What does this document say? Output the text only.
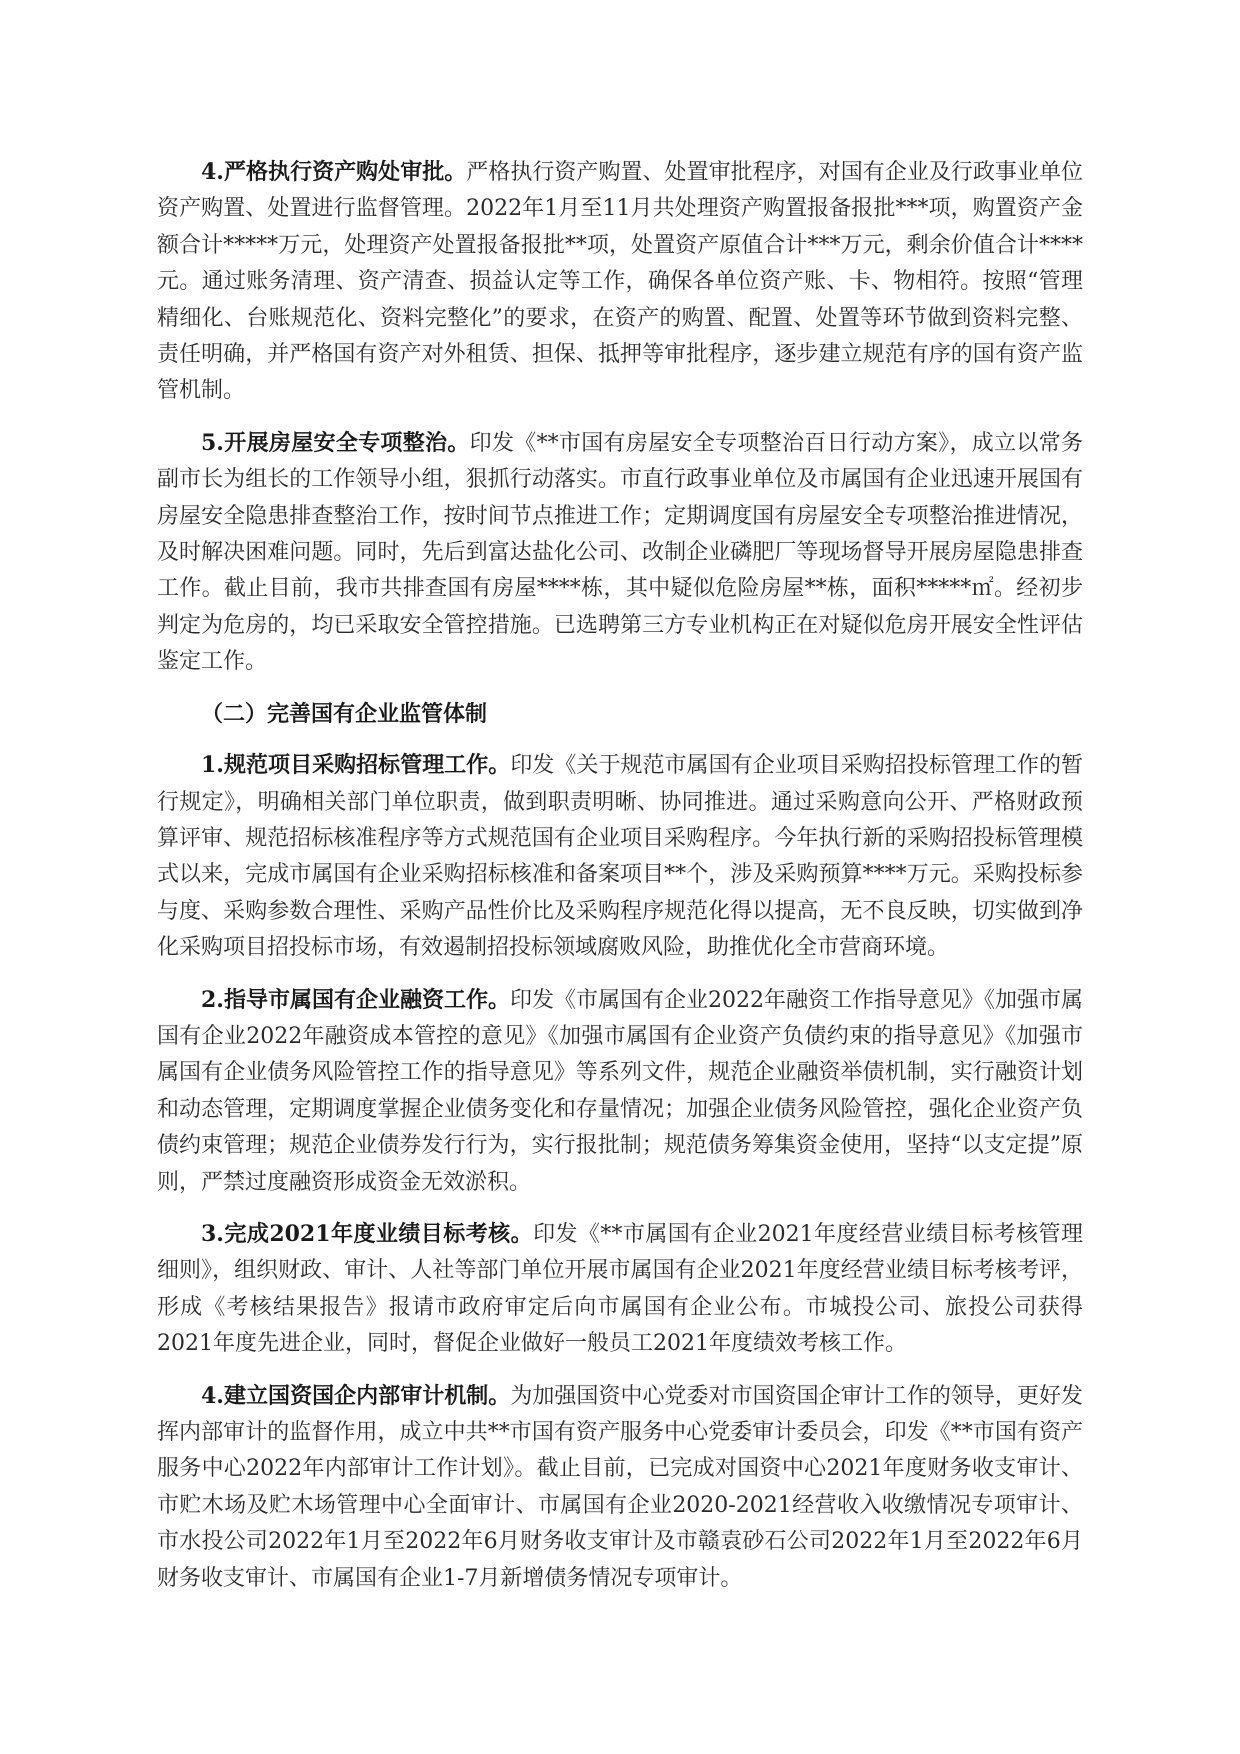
4.严格执行资产购处审批。严格执行资产购置、处置审批程序，对国有企业及行政事业单位资产购置、处置进行监督管理。2022年1月至11月共处理资产购置报备报批***项，购置资产金额合计*****万元，处理资产处置报备报批**项，处置资产原值合计***万元，剩余价值合计****元。通过账务清理、资产清查、损益认定等工作，确保各单位资产账、卡、物相符。按照“管理精细化、台账规范化、资料完整化”的要求，在资产的购置、配置、处置等环节做到资料完整、责任明确，并严格国有资产对外租赁、担保、抵押等审批程序，逐步建立规范有序的国有资产监管机制。

5.开展房屋安全专项整治。印发《**市国有房屋安全专项整治百日行动方案》，成立以常务副市长为组长的工作领导小组，狠抓行动落实。市直行政事业单位及市属国有企业迅速开展国有房屋安全隐患排查整治工作，按时间节点推进工作；定期调度国有房屋安全专项整治推进情况，及时解决困难问题。同时，先后到富达盐化公司、改制企业磷肥厂等现场督导开展房屋隐患排查工作。截止目前，我市共排查国有房屋****栋，其中疑似危险房屋**栋，面积*****㎡。经初步判定为危房的，均已采取安全管控措施。已选聘第三方专业机构正在对疑似危房开展安全性评估鉴定工作。

（二）完善国有企业监管体制

1.规范项目采购招标管理工作。印发《关于规范市属国有企业项目采购招投标管理工作的暂行规定》，明确相关部门单位职责，做到职责明晰、协同推进。通过采购意向公开、严格财政预算评审、规范招标核准程序等方式规范国有企业项目采购程序。今年执行新的采购招投标管理模式以来，完成市属国有企业采购招标核准和备案项目**个，涉及采购预算****万元。采购投标参与度、采购参数合理性、采购产品性价比及采购程序规范化得以提高，无不良反映，切实做到净化采购项目招投标市场，有效遏制招投标领域腐败风险，助推优化全市营商环境。

2.指导市属国有企业融资工作。印发《市属国有企业2022年融资工作指导意见》《加强市属国有企业2022年融资成本管控的意见》《加强市属国有企业资产负债约束的指导意见》《加强市属国有企业债务风险管控工作的指导意见》等系列文件，规范企业融资举债机制，实行融资计划和动态管理，定期调度掌握企业债务变化和存量情况；加强企业债务风险管控，强化企业资产负债约束管理；规范企业债券发行行为，实行报批制；规范债务筹集资金使用，坚持“以支定提”原则，严禁过度融资形成资金无效淤积。

3.完成2021年度业绩目标考核。印发《**市属国有企业2021年度经营业绩目标考核管理细则》，组织财政、审计、人社等部门单位开展市属国有企业2021年度经营业绩目标考核考评，形成《考核结果报告》报请市政府审定后向市属国有企业公布。市城投公司、旅投公司获得2021年度先进企业，同时，督促企业做好一般员工2021年度绩效考核工作。

4.建立国资国企内部审计机制。为加强国资中心党委对市国资国企审计工作的领导，更好发挥内部审计的监督作用，成立中共**市国有资产服务中心党委审计委员会，印发《**市国有资产服务中心2022年内部审计工作计划》。截止目前，已完成对国资中心2021年度财务收支审计、市贮木场及贮木场管理中心全面审计、市属国有企业2020-2021经营收入收缴情况专项审计、市水投公司2022年1月至2022年6月财务收支审计及市赣袁砂石公司2022年1月至2022年6月财务收支审计、市属国有企业1-7月新增债务情况专项审计。
